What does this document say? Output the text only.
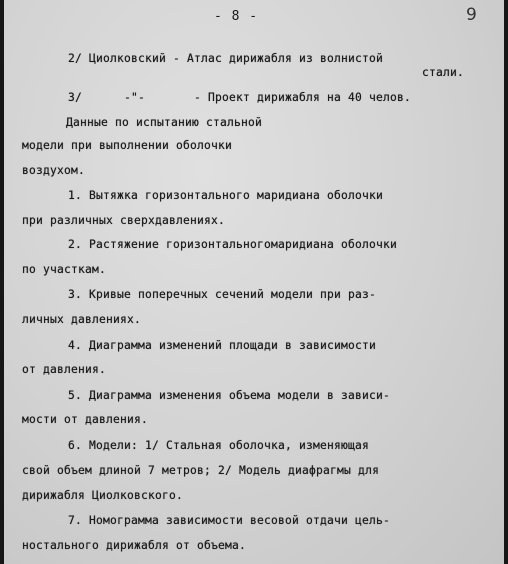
- 8 -	9
2/ Циолковский - Атлас дирижабля из волнистой
стали.
3/      -"-       - Проект дирижабля на 40 челов.
Данные по испытанию стальной
модели при выполнении оболочки
воздухом.
1. Вытяжка горизонтального маридиана оболочки
при различных сверхдавлениях.
2. Растяжение горизонтальногомаридиана оболочки
по участкам.
3. Кривые поперечных сечений модели при раз-
личных давлениях.
4. Диаграмма изменений площади в зависимости
от давления.
5. Диаграмма изменения объема модели в зависи-
мости от давления.
6. Модели: 1/ Стальная оболочка, изменяющая
свой объем длиной 7 метров; 2/ Модель диафрагмы для
дирижабля Циолковского.
7. Номограмма зависимости весовой отдачи цель-
ностального дирижабля от объема.
